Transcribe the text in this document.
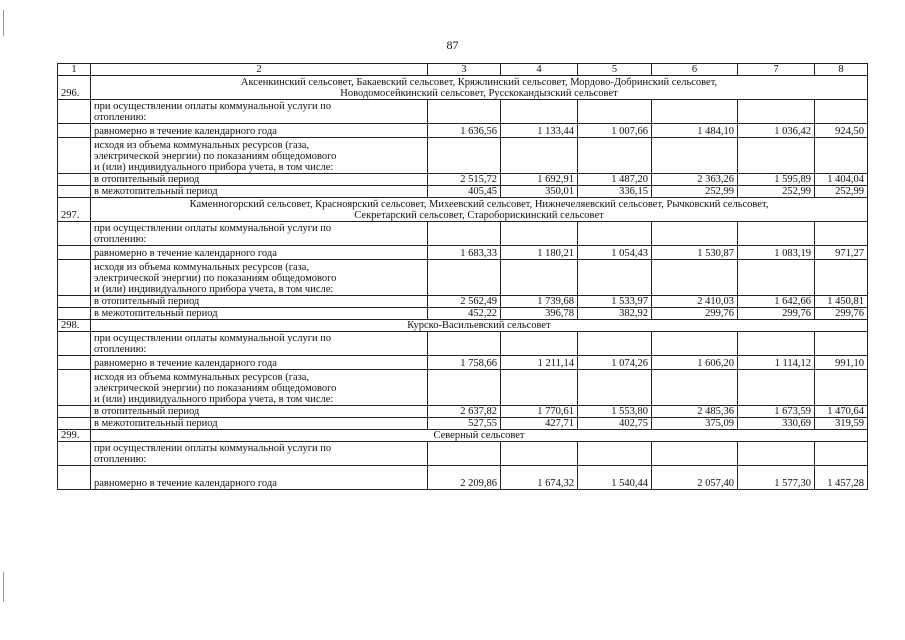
87
1	2	3	4	5	6	7	8
296.	Аксенкинский сельсовет, Бакаевский сельсовет, Кряжлинский сельсовет, Мордово-Добринский сельсовет,
Новодомосейкинский сельсовет, Русскокандызский сельсовет						

	при осуществлении оплаты коммунальной услуги по
отоплению:						

	равномерно в течение календарного года	1 636,56	1 133,44	1 007,66	1 484,10	1 036,42	924,50

	исходя из объема коммунальных ресурсов (газа,
электрической энергии) по показаниям общедомового
и (или) индивидуального прибора учета, в том числе:						

	в отопительный период	2 515,72	1 692,91	1 487,20	2 363,26	1 595,89	1 404,04
	в межотопительный период	405,45	350,01	336,15	252,99	252,99	252,99
297.	Каменногорский сельсовет, Красноярский сельсовет, Михеевский сельсовет, Нижнечеляевский сельсовет, Рычковский сельсовет,
Секретарский сельсовет, Староборискинский сельсовет						

	при осуществлении оплаты коммунальной услуги по
отоплению:						

	равномерно в течение календарного года	1 683,33	1 180,21	1 054,43	1 530,87	1 083,19	971,27

	исходя из объема коммунальных ресурсов (газа,
электрической энергии) по показаниям общедомового
и (или) индивидуального прибора учета, в том числе:						

	в отопительный период	2 562,49	1 739,68	1 533,97	2 410,03	1 642,66	1 450,81
	в межотопительный период	452,22	396,78	382,92	299,76	299,76	299,76
298.	Курско-Васильевский сельсовет						

	при осуществлении оплаты коммунальной услуги по
отоплению:						

	равномерно в течение календарного года	1 758,66	1 211,14	1 074,26	1 606,20	1 114,12	991,10

	исходя из объема коммунальных ресурсов (газа,
электрической энергии) по показаниям общедомового
и (или) индивидуального прибора учета, в том числе:						

	в отопительный период	2 637,82	1 770,61	1 553,80	2 485,36	1 673,59	1 470,64
	в межотопительный период	527,55	427,71	402,75	375,09	330,69	319,59
299.	Северный сельсовет						

	при осуществлении оплаты коммунальной услуги по
отоплению:						

	равномерно в течение календарного года	2 209,86	1 674,32	1 540,44	2 057,40	1 577,30	1 457,28
